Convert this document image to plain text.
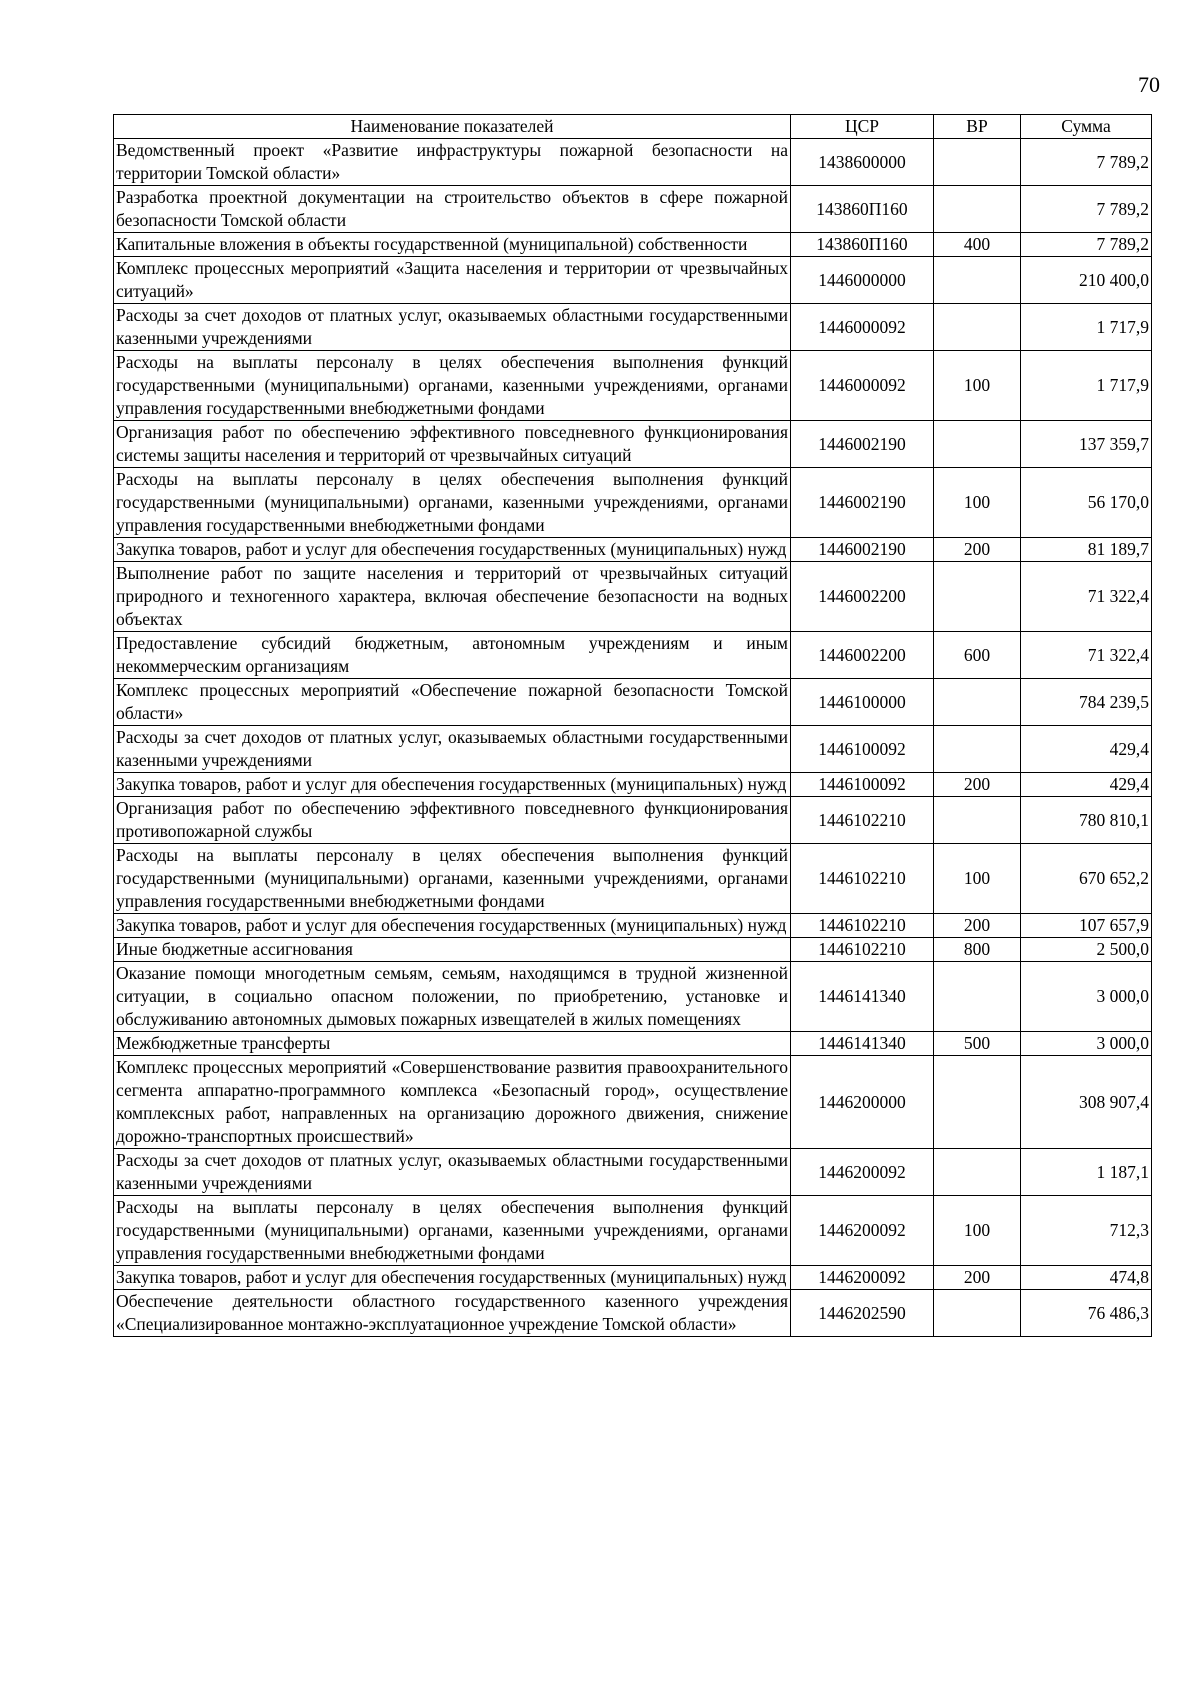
70
Наименование показателей	ЦСР	ВР	Сумма
Ведомственный проект «Развитие инфраструктуры пожарной безопасности на территории Томской области»	1438600000		7 789,2
Разработка проектной документации на строительство объектов в сфере пожарной безопасности Томской области	143860П160		7 789,2
Капитальные вложения в объекты государственной (муниципальной) собственности	143860П160	400	7 789,2
Комплекс процессных мероприятий «Защита населения и территории от чрезвычайных ситуаций»	1446000000		210 400,0
Расходы за счет доходов от платных услуг, оказываемых областными государственными казенными учреждениями	1446000092		1 717,9
Расходы на выплаты персоналу в целях обеспечения выполнения функций государственными (муниципальными) органами, казенными учреждениями, органами управления государственными внебюджетными фондами	1446000092	100	1 717,9
Организация работ по обеспечению эффективного повседневного функционирования системы защиты населения и территорий от чрезвычайных ситуаций	1446002190		137 359,7
Расходы на выплаты персоналу в целях обеспечения выполнения функций государственными (муниципальными) органами, казенными учреждениями, органами управления государственными внебюджетными фондами	1446002190	100	56 170,0
Закупка товаров, работ и услуг для обеспечения государственных (муниципальных) нужд	1446002190	200	81 189,7
Выполнение работ по защите населения и территорий от чрезвычайных ситуаций природного и техногенного характера, включая обеспечение безопасности на водных объектах	1446002200		71 322,4
Предоставление субсидий бюджетным, автономным учреждениям и иным некоммерческим организациям	1446002200	600	71 322,4
Комплекс процессных мероприятий «Обеспечение пожарной безопасности Томской области»	1446100000		784 239,5
Расходы за счет доходов от платных услуг, оказываемых областными государственными казенными учреждениями	1446100092		429,4
Закупка товаров, работ и услуг для обеспечения государственных (муниципальных) нужд	1446100092	200	429,4
Организация работ по обеспечению эффективного повседневного функционирования противопожарной службы	1446102210		780 810,1
Расходы на выплаты персоналу в целях обеспечения выполнения функций государственными (муниципальными) органами, казенными учреждениями, органами управления государственными внебюджетными фондами	1446102210	100	670 652,2
Закупка товаров, работ и услуг для обеспечения государственных (муниципальных) нужд	1446102210	200	107 657,9
Иные бюджетные ассигнования	1446102210	800	2 500,0
Оказание помощи многодетным семьям, семьям, находящимся в трудной жизненной ситуации, в социально опасном положении, по приобретению, установке и обслуживанию автономных дымовых пожарных извещателей в жилых помещениях	1446141340		3 000,0
Межбюджетные трансферты	1446141340	500	3 000,0
Комплекс процессных мероприятий «Совершенствование развития правоохранительного сегмента аппаратно-программного комплекса «Безопасный город», осуществление комплексных работ, направленных на организацию дорожного движения, снижение дорожно-транспортных происшествий»	1446200000		308 907,4
Расходы за счет доходов от платных услуг, оказываемых областными государственными казенными учреждениями	1446200092		1 187,1
Расходы на выплаты персоналу в целях обеспечения выполнения функций государственными (муниципальными) органами, казенными учреждениями, органами управления государственными внебюджетными фондами	1446200092	100	712,3
Закупка товаров, работ и услуг для обеспечения государственных (муниципальных) нужд	1446200092	200	474,8
Обеспечение деятельности областного государственного казенного учреждения «Специализированное монтажно-эксплуатационное учреждение Томской области»	1446202590		76 486,3
